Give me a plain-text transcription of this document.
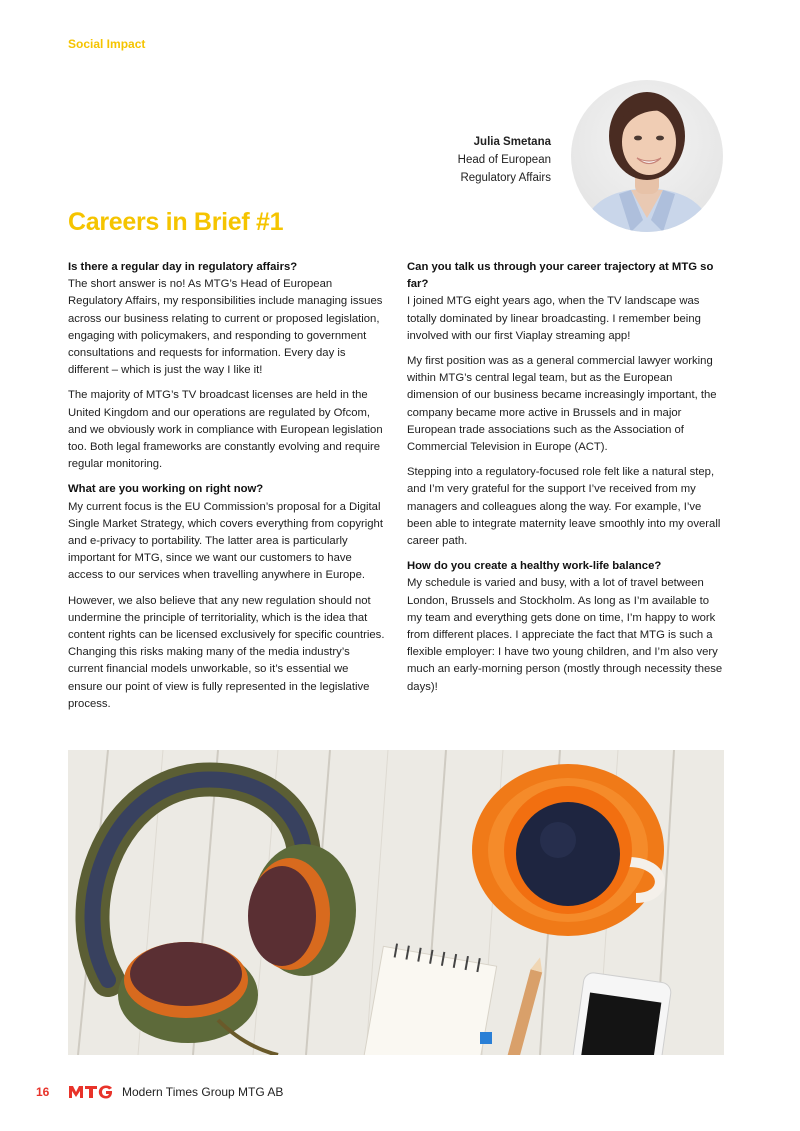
Social Impact
Julia Smetana
Head of European
Regulatory Affairs
Careers in Brief #1
Is there a regular day in regulatory affairs?

The short answer is no! As MTG’s Head of European Regulatory Affairs, my responsibilities include managing issues across our business relating to current or proposed legislation, engaging with policymakers, and responding to government consultations and requests for information. Every day is different – which is just the way I like it!

The majority of MTG’s TV broadcast licenses are held in the United Kingdom and our operations are regulated by Ofcom, and we obviously work in compliance with European legislation too. Both legal frameworks are constantly evolving and require regular monitoring.

What are you working on right now?

My current focus is the EU Commission’s proposal for a Digital Single Market Strategy, which covers everything from copyright and e-privacy to portability. The latter area is particularly important for MTG, since we want our customers to have access to our services when travelling anywhere in Europe.

However, we also believe that any new regulation should not undermine the principle of territoriality, which is the idea that content rights can be licensed exclusively for specific countries. Changing this risks making many of the media industry’s current financial models unworkable, so it’s essential we ensure our point of view is fully represented in the legislative process.

Can you talk us through your career trajectory at MTG so far?

I joined MTG eight years ago, when the TV landscape was totally dominated by linear broadcasting. I remember being involved with our first Viaplay streaming app!

My first position was as a general commercial lawyer working within MTG’s central legal team, but as the European dimension of our business became increasingly important, the company became more active in Brussels and in major European trade associations such as the Association of Commercial Television in Europe (ACT).

Stepping into a regulatory-focused role felt like a natural step, and I’m very grateful for the support I’ve received from my managers and colleagues along the way. For example, I’ve been able to integrate maternity leave smoothly into my overall career path.

How do you create a healthy work-life balance?

My schedule is varied and busy, with a lot of travel between London, Brussels and Stockholm. As long as I’m available to my team and everything gets done on time, I’m happy to work from different places. I appreciate the fact that MTG is such a flexible employer: I have two young children, and I’m also very much an early-morning person (mostly through necessity these days)!

16	Modern Times Group MTG AB
